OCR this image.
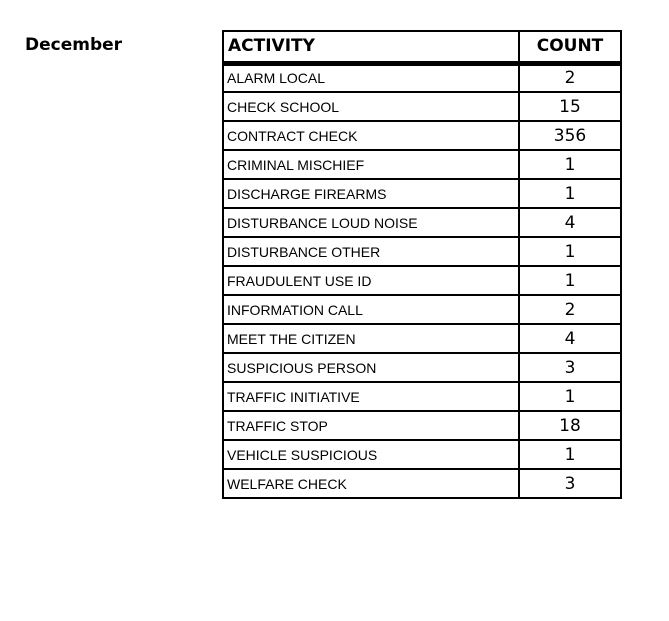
December	ACTIVITY	COUNT
ALARM LOCAL	2
CHECK SCHOOL	15
CONTRACT CHECK	356
CRIMINAL MISCHIEF	1
DISCHARGE FIREARMS	1
DISTURBANCE LOUD NOISE	4
DISTURBANCE OTHER	1
FRAUDULENT USE ID	1
INFORMATION CALL	2
MEET THE CITIZEN	4
SUSPICIOUS PERSON	3
TRAFFIC INITIATIVE	1
TRAFFIC STOP	18
VEHICLE SUSPICIOUS	1
WELFARE CHECK	3
